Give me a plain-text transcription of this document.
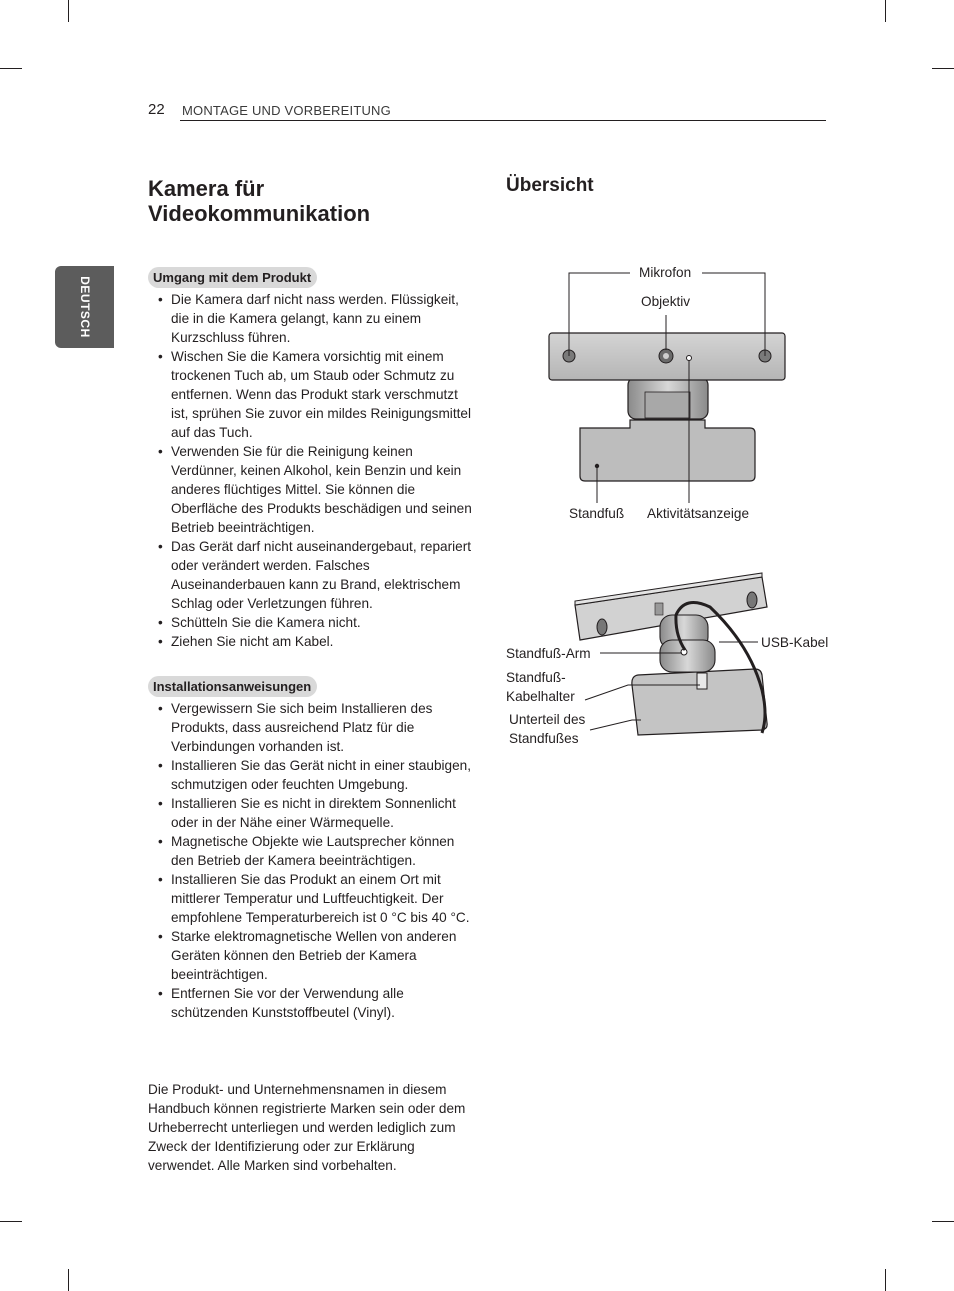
22 MONTAGE UND VORBEREITUNG
DEUTSCH
Kamera für Videokommunikation
Übersicht
Umgang mit dem Produkt
• Die Kamera darf nicht nass werden. Flüssigkeit, die in die Kamera gelangt, kann zu einem Kurzschluss führen.
• Wischen Sie die Kamera vorsichtig mit einem trockenen Tuch ab, um Staub oder Schmutz zu entfernen. Wenn das Produkt stark verschmutzt ist, sprühen Sie zuvor ein mildes Reinigungsmittel auf das Tuch.
• Verwenden Sie für die Reinigung keinen Verdünner, keinen Alkohol, kein Benzin und kein anderes flüchtiges Mittel. Sie können die Oberfläche des Produkts beschädigen und seinen Betrieb beeinträchtigen.
• Das Gerät darf nicht auseinandergebaut, repariert oder verändert werden. Falsches Auseinanderbauen kann zu Brand, elektrischem Schlag oder Verletzungen führen.
• Schütteln Sie die Kamera nicht.
• Ziehen Sie nicht am Kabel.
Installationsanweisungen
• Vergewissern Sie sich beim Installieren des Produkts, dass ausreichend Platz für die Verbindungen vorhanden ist.
• Installieren Sie das Gerät nicht in einer staubigen, schmutzigen oder feuchten Umgebung.
• Installieren Sie es nicht in direktem Sonnenlicht oder in der Nähe einer Wärmequelle.
• Magnetische Objekte wie Lautsprecher können den Betrieb der Kamera beeinträchtigen.
• Installieren Sie das Produkt an einem Ort mit mittlerer Temperatur und Luftfeuchtigkeit. Der empfohlene Temperaturbereich ist 0 °C bis 40 °C.
• Starke elektromagnetische Wellen von anderen Geräten können den Betrieb der Kamera beeinträchtigen.
• Entfernen Sie vor der Verwendung alle schützenden Kunststoffbeutel (Vinyl).
Die Produkt- und Unternehmensnamen in diesem Handbuch können registrierte Marken sein oder dem Urheberrecht unterliegen und werden lediglich zum Zweck der Identifizierung oder zur Erklärung verwendet. Alle Marken sind vorbehalten.
Mikrofon
Objektiv
Standfuß Aktivitätsanzeige
Standfuß-Arm
Standfuß-
Kabelhalter
Unterteil des
Standfußes
USB-Kabel
